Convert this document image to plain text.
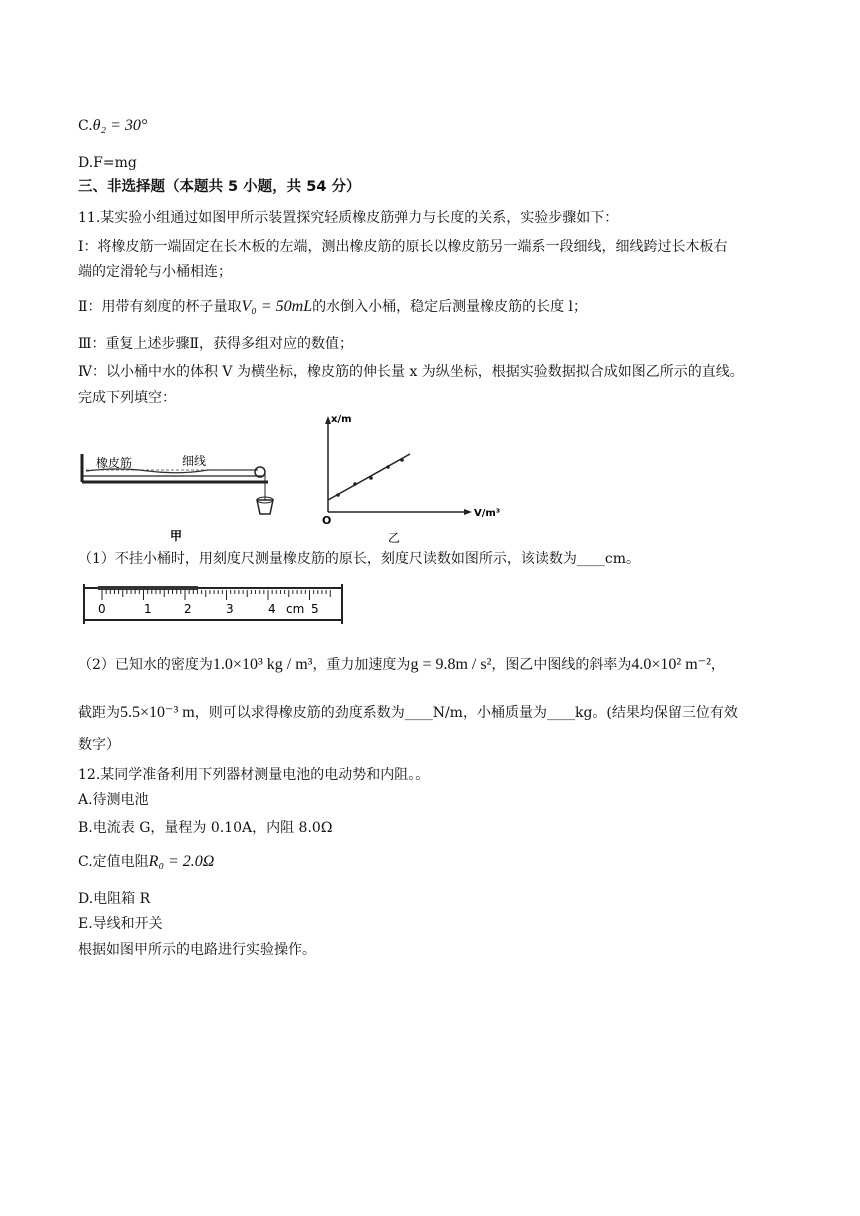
C.θ₂ = 30°
D.F=mg
三、非选择题（本题共 5 小题，共 54 分）
11.某实验小组通过如图甲所示装置探究轻质橡皮筋弹力与长度的关系，实验步骤如下：
I：将橡皮筋一端固定在长木板的左端，测出橡皮筋的原长以橡皮筋另一端系一段细线，细线跨过长木板右
端的定滑轮与小桶相连；
Ⅱ：用带有刻度的杯子量取V₀ = 50mL的水倒入小桶，稳定后测量橡皮筋的长度 l；
Ⅲ：重复上述步骤Ⅱ，获得多组对应的数值；
Ⅳ：以小桶中水的体积 V 为横坐标，橡皮筋的伸长量 x 为纵坐标，根据实验数据拟合成如图乙所示的直线。
完成下列填空：
橡皮筋	细线
甲
x/m
V/m³
O
乙
（1）不挂小桶时，用刻度尺测量橡皮筋的原长，刻度尺读数如图所示，该读数为____cm。
0	1	2	3	4 cm 5
（2）已知水的密度为1.0×10³ kg / m³，重力加速度为g = 9.8m / s²，图乙中图线的斜率为4.0×10² m⁻²，
截距为5.5×10⁻³ m，则可以求得橡皮筋的劲度系数为____N/m，小桶质量为____kg。(结果均保留三位有效
数字）
12.某同学准备利用下列器材测量电池的电动势和内阻。。
A.待测电池
B.电流表 G，量程为 0.10A，内阻 8.0Ω
C.定值电阻R₀ = 2.0Ω
D.电阻箱 R
E.导线和开关
根据如图甲所示的电路进行实验操作。
